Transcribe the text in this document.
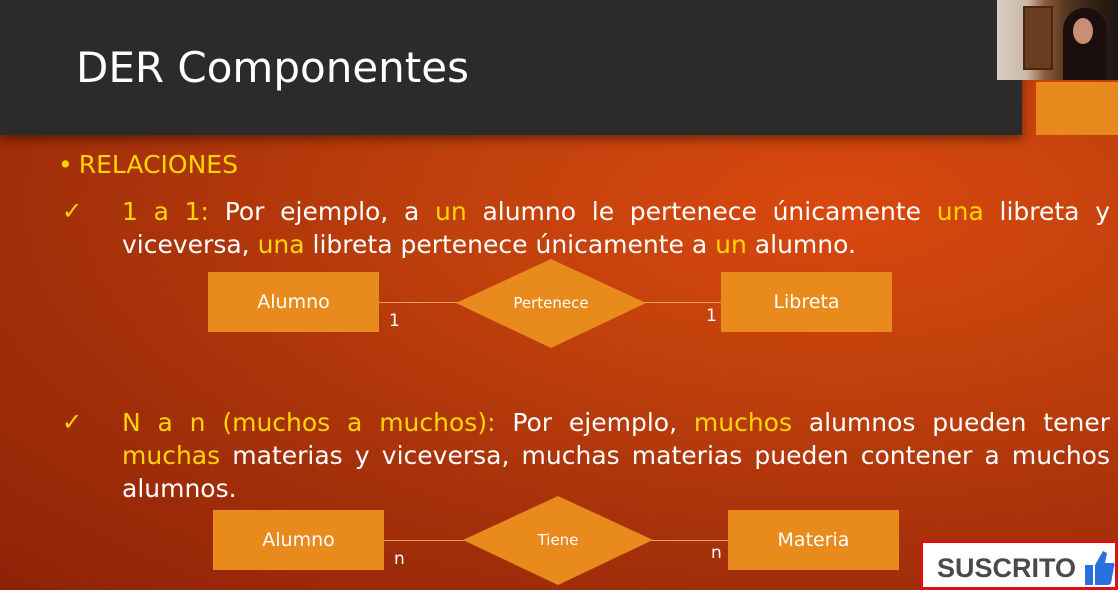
DER Componentes
• RELACIONES
✓ 1 a 1: Por ejemplo, a un alumno le pertenece únicamente una libreta y viceversa, una libreta pertenece únicamente a un alumno.
Alumno	Pertenece	Libreta
1	1
✓ N a n (muchos a muchos): Por ejemplo, muchos alumnos pueden tener muchas materias y viceversa, muchas materias pueden contener a muchos alumnos.
Alumno	Tiene	Materia
n	n	SUSCRITO
